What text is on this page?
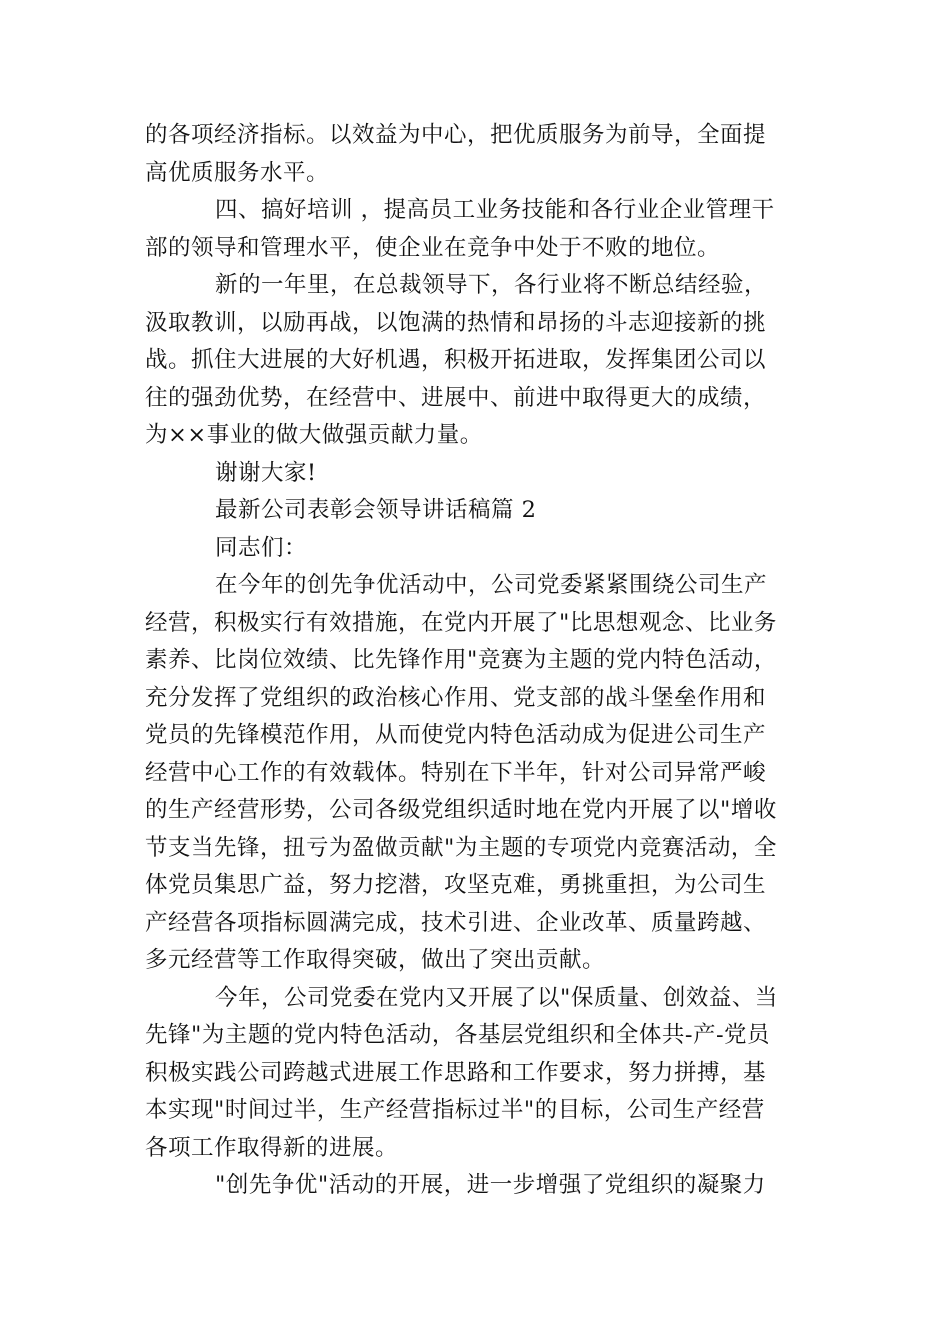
的各项经济指标。以效益为中心，把优质服务为前导，全面提
高优质服务水平。
四、搞好培训 ，提高员工业务技能和各行业企业管理干
部的领导和管理水平，使企业在竞争中处于不败的地位。
新的一年里，在总裁领导下，各行业将不断总结经验，
汲取教训，以励再战，以饱满的热情和昂扬的斗志迎接新的挑
战。抓住大进展的大好机遇，积极开拓进取，发挥集团公司以
往的强劲优势，在经营中、进展中、前进中取得更大的成绩，
为××事业的做大做强贡献力量。
谢谢大家!
最新公司表彰会领导讲话稿篇 2
同志们：
在今年的创先争优活动中，公司党委紧紧围绕公司生产
经营，积极实行有效措施，在党内开展了"比思想观念、比业务
素养、比岗位效绩、比先锋作用"竞赛为主题的党内特色活动，
充分发挥了党组织的政治核心作用、党支部的战斗堡垒作用和
党员的先锋模范作用，从而使党内特色活动成为促进公司生产
经营中心工作的有效载体。特别在下半年，针对公司异常严峻
的生产经营形势，公司各级党组织适时地在党内开展了以"增收
节支当先锋，扭亏为盈做贡献"为主题的专项党内竞赛活动，全
体党员集思广益，努力挖潜，攻坚克难，勇挑重担，为公司生
产经营各项指标圆满完成，技术引进、企业改革、质量跨越、
多元经营等工作取得突破，做出了突出贡献。
今年，公司党委在党内又开展了以"保质量、创效益、当
先锋"为主题的党内特色活动，各基层党组织和全体共-产-党员
积极实践公司跨越式进展工作思路和工作要求，努力拼搏，基
本实现"时间过半，生产经营指标过半"的目标，公司生产经营
各项工作取得新的进展。
"创先争优"活动的开展，进一步增强了党组织的凝聚力
